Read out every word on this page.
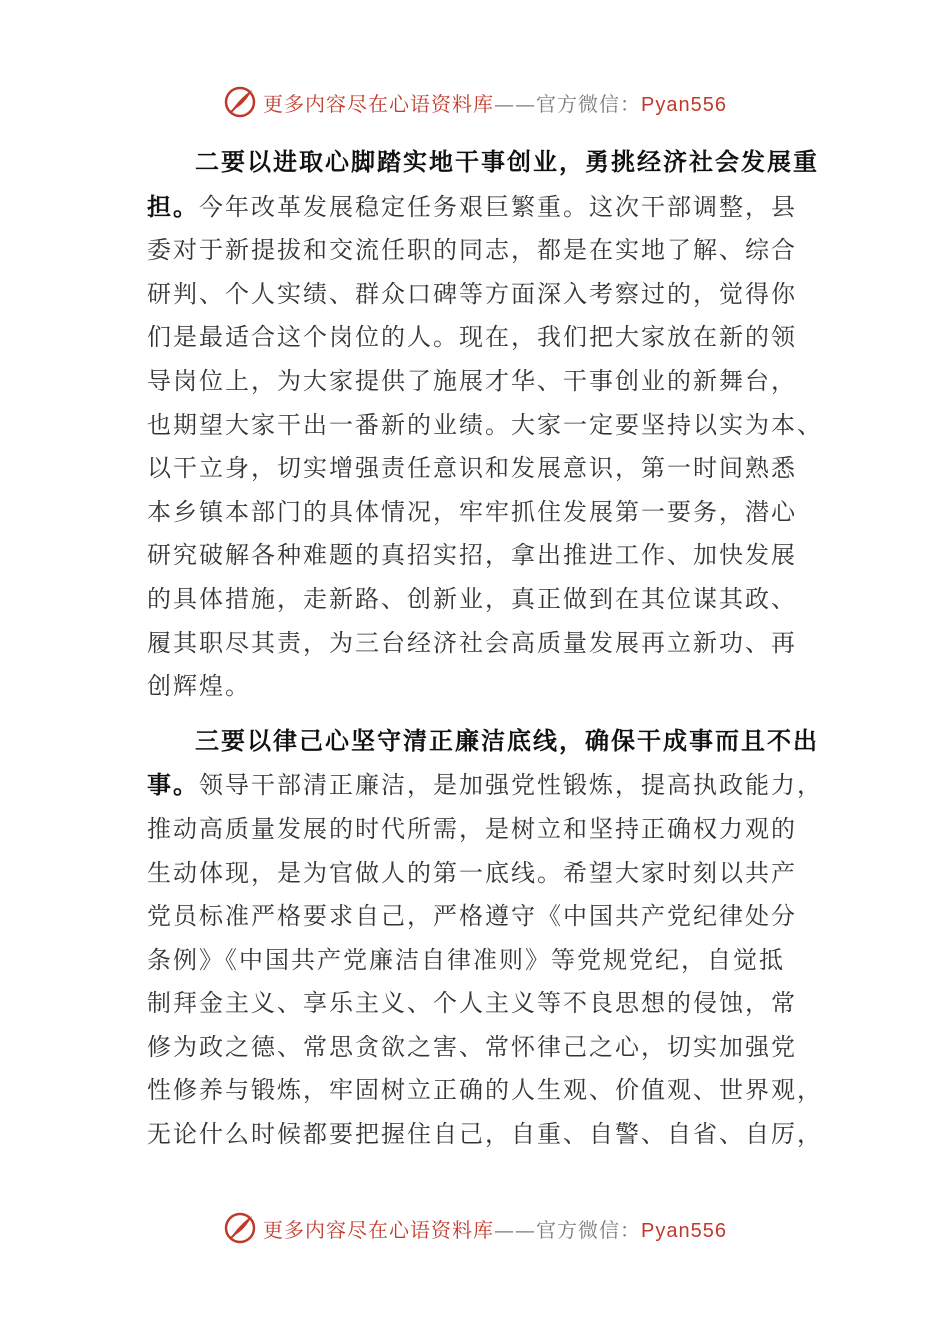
更多内容尽在心语资料库——官方微信：Pyan556

二要以进取心脚踏实地干事创业，勇挑经济社会发展重
担。今年改革发展稳定任务艰巨繁重。这次干部调整，县
委对于新提拔和交流任职的同志，都是在实地了解、综合
研判、个人实绩、群众口碑等方面深入考察过的，觉得你
们是最适合这个岗位的人。现在，我们把大家放在新的领
导岗位上，为大家提供了施展才华、干事创业的新舞台，
也期望大家干出一番新的业绩。大家一定要坚持以实为本、
以干立身，切实增强责任意识和发展意识，第一时间熟悉
本乡镇本部门的具体情况，牢牢抓住发展第一要务，潜心
研究破解各种难题的真招实招，拿出推进工作、加快发展
的具体措施，走新路、创新业，真正做到在其位谋其政、
履其职尽其责，为三台经济社会高质量发展再立新功、再
创辉煌。

三要以律己心坚守清正廉洁底线，确保干成事而且不出
事。领导干部清正廉洁，是加强党性锻炼，提高执政能力，
推动高质量发展的时代所需，是树立和坚持正确权力观的
生动体现，是为官做人的第一底线。希望大家时刻以共产
党员标准严格要求自己，严格遵守《中国共产党纪律处分
条例》《中国共产党廉洁自律准则》等党规党纪，自觉抵
制拜金主义、享乐主义、个人主义等不良思想的侵蚀，常
修为政之德、常思贪欲之害、常怀律己之心，切实加强党
性修养与锻炼，牢固树立正确的人生观、价值观、世界观，
无论什么时候都要把握住自己，自重、自警、自省、自厉，

更多内容尽在心语资料库——官方微信：Pyan556
